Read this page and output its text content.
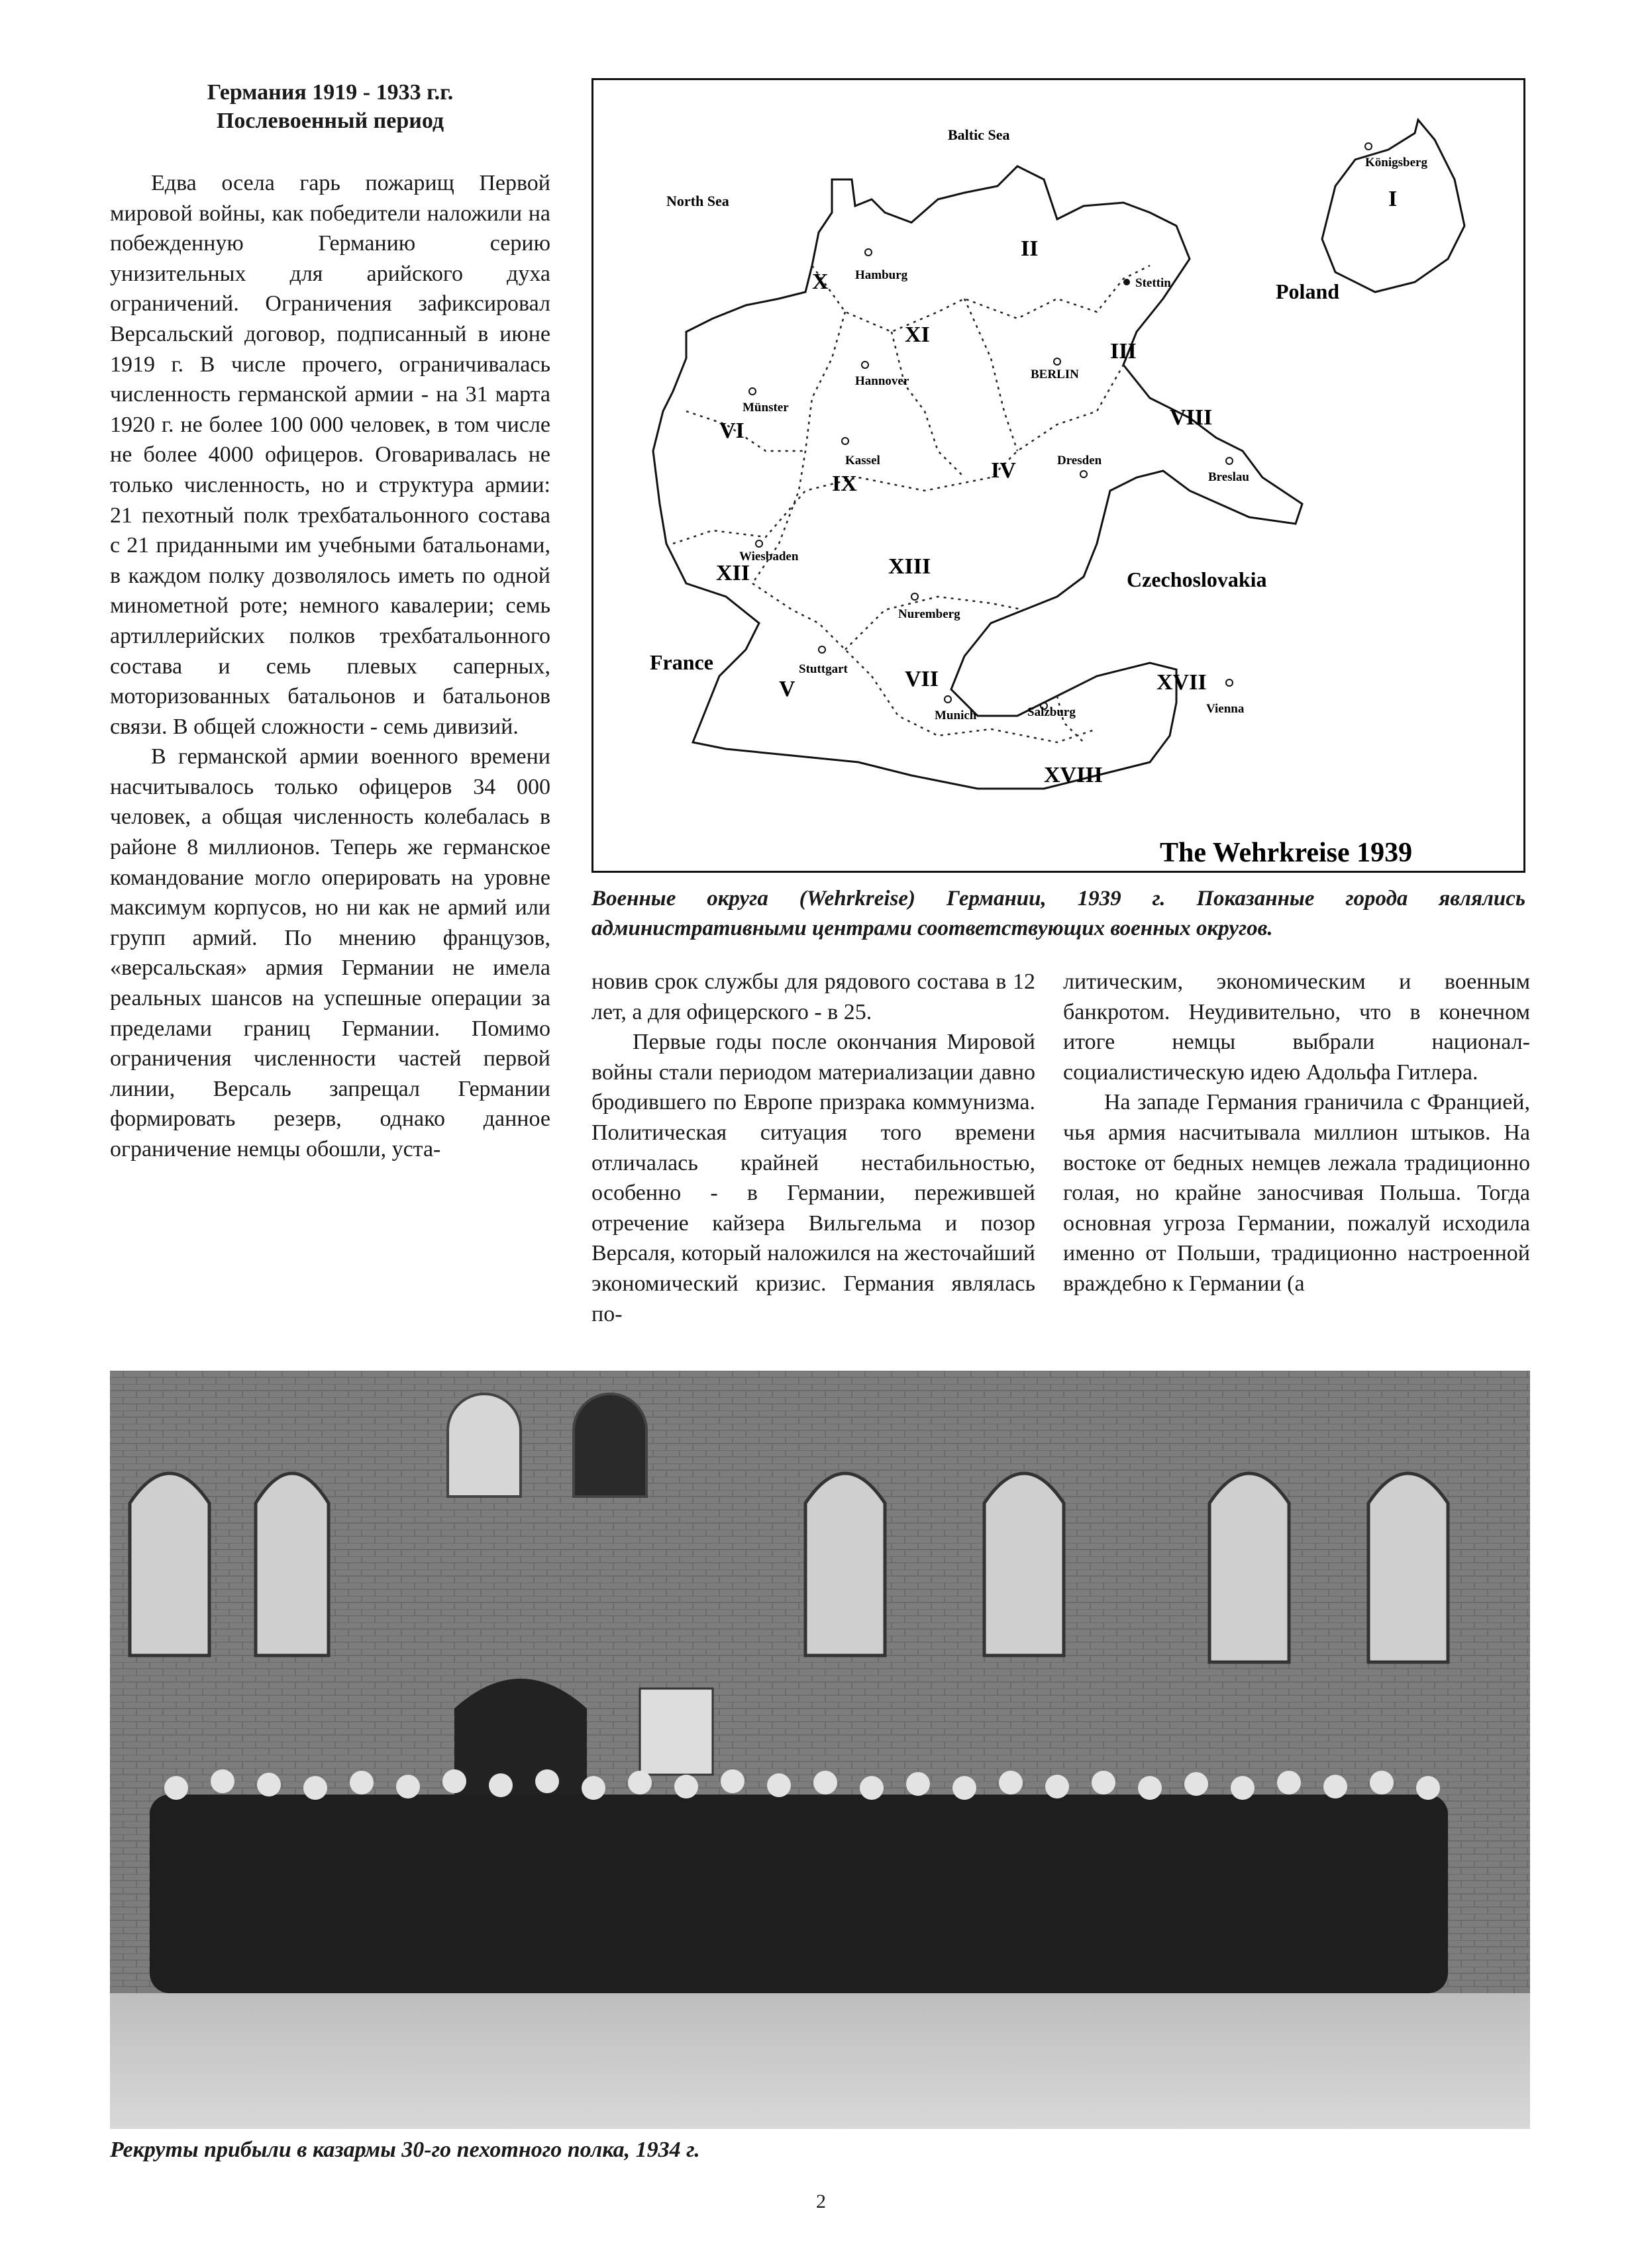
Германия 1919 - 1933 г.г.
Послевоенный период

Едва осела гарь пожарищ Первой мировой войны, как победители наложили на побежденную Германию серию унизительных для арийского духа ограничений. Ограничения зафиксировал Версальский договор, подписанный в июне 1919 г. В числе прочего, ограничивалась численность германской армии - на 31 марта 1920 г. не более 100 000 человек, в том числе не более 4000 офицеров. Оговаривалась не только численность, но и структура армии: 21 пехотный полк трехбатальонного состава с 21 приданными им учебными батальонами, в каждом полку дозволялось иметь по одной минометной роте; немного кавалерии; семь артиллерийских полков трехбатальонного состава и семь плевых саперных, моторизованных батальонов и батальонов связи. В общей сложности - семь дивизий.

В германской армии военного времени насчитывалось только офицеров 34 000 человек, а общая численность колебалась в районе 8 миллионов. Теперь же германское командование могло оперировать на уровне максимум корпусов, но ни как не армий или групп армий. По мнению французов, «версальская» армия Германии не имела реальных шансов на успешные операции за пределами границ Германии. Помимо ограничения численности частей первой линии, Версаль запрещал Германии формировать резерв, однако данное ограничение немцы обошли, уста-

Baltic Sea
North Sea
Poland
France
Czechoslovakia
I
II
III
IV
V
VI
VII
VIII
IX
X
XI
XII	XIII
XVII
XVIII
Königsberg
Hamburg
Stettin
Hannover	BERLIN
Münster
Kassel	Dresden
Breslau
Wiesbaden
Nuremberg
Stuttgart
Munich	Salzburg	Vienna
The Wehrkreise 1939
Военные округа (Wehrkreise) Германии, 1939 г. Показанные города являлись административными центрами соответствующих военных округов.

новив срок службы для рядового состава в 12 лет, а для офицерского - в 25.

Первые годы после окончания Мировой войны стали периодом материализации давно бродившего по Европе призрака коммунизма. Политическая ситуация того времени отличалась крайней нестабильностью, особенно - в Германии, пережившей отречение кайзера Вильгельма и позор Версаля, который наложился на жесточайший экономический кризис. Германия являлась по-

литическим, экономическим и военным банкротом. Неудивительно, что в конечном итоге немцы выбрали национал-социалистическую идею Адольфа Гитлера.

На западе Германия граничила с Францией, чья армия насчитывала миллион штыков. На востоке от бедных немцев лежала традиционно голая, но крайне заносчивая Польша. Тогда основная угроза Германии, пожалуй исходила именно от Польши, традиционно настроенной враждебно к Германии (а

Рекруты прибыли в казармы 30-го пехотного полка, 1934 г.
2
